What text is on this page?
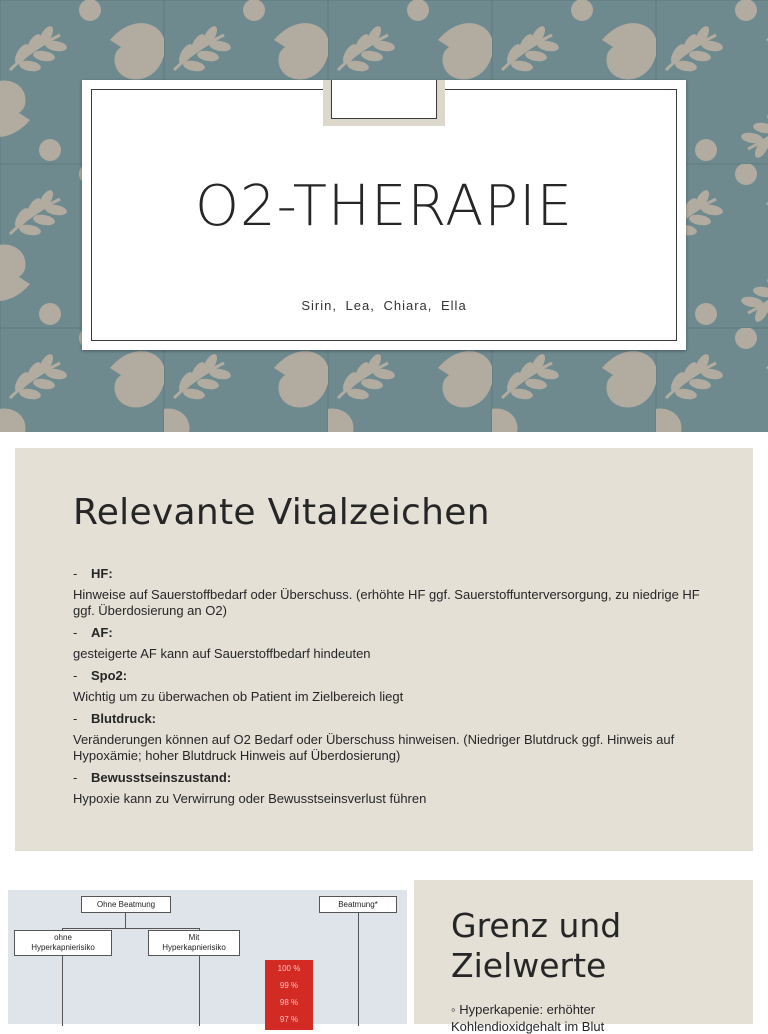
O2-THERAPIE
Sirin, Lea, Chiara, Ella
Relevante Vitalzeichen
-	HF:
Hinweise auf Sauerstoffbedarf oder Überschuss. (erhöhte HF ggf. Sauerstoffunterversorgung, zu niedrige HF ggf. Überdosierung an O2)
-	AF:
gesteigerte AF kann auf Sauerstoffbedarf hindeuten
-	Spo2:
Wichtig um zu überwachen ob Patient im Zielbereich liegt
-	Blutdruck:
Veränderungen können auf O2 Bedarf oder Überschuss hinweisen. (Niedriger Blutdruck ggf. Hinweis auf Hypoxämie; hoher Blutdruck Hinweis auf Überdosierung)
-	Bewusstseinszustand:
Hypoxie kann zu Verwirrung oder Bewusstseinsverlust führen
Ohne Beatmung	Beatmung*
ohne
Hyperkapnierisiko
Mit
Hyperkapnierisiko
100 %
99 %
98 %
97 %
Grenz und Zielwerte
◦ Hyperkapenie: erhöhter
Kohlendioxidgehalt im Blut
